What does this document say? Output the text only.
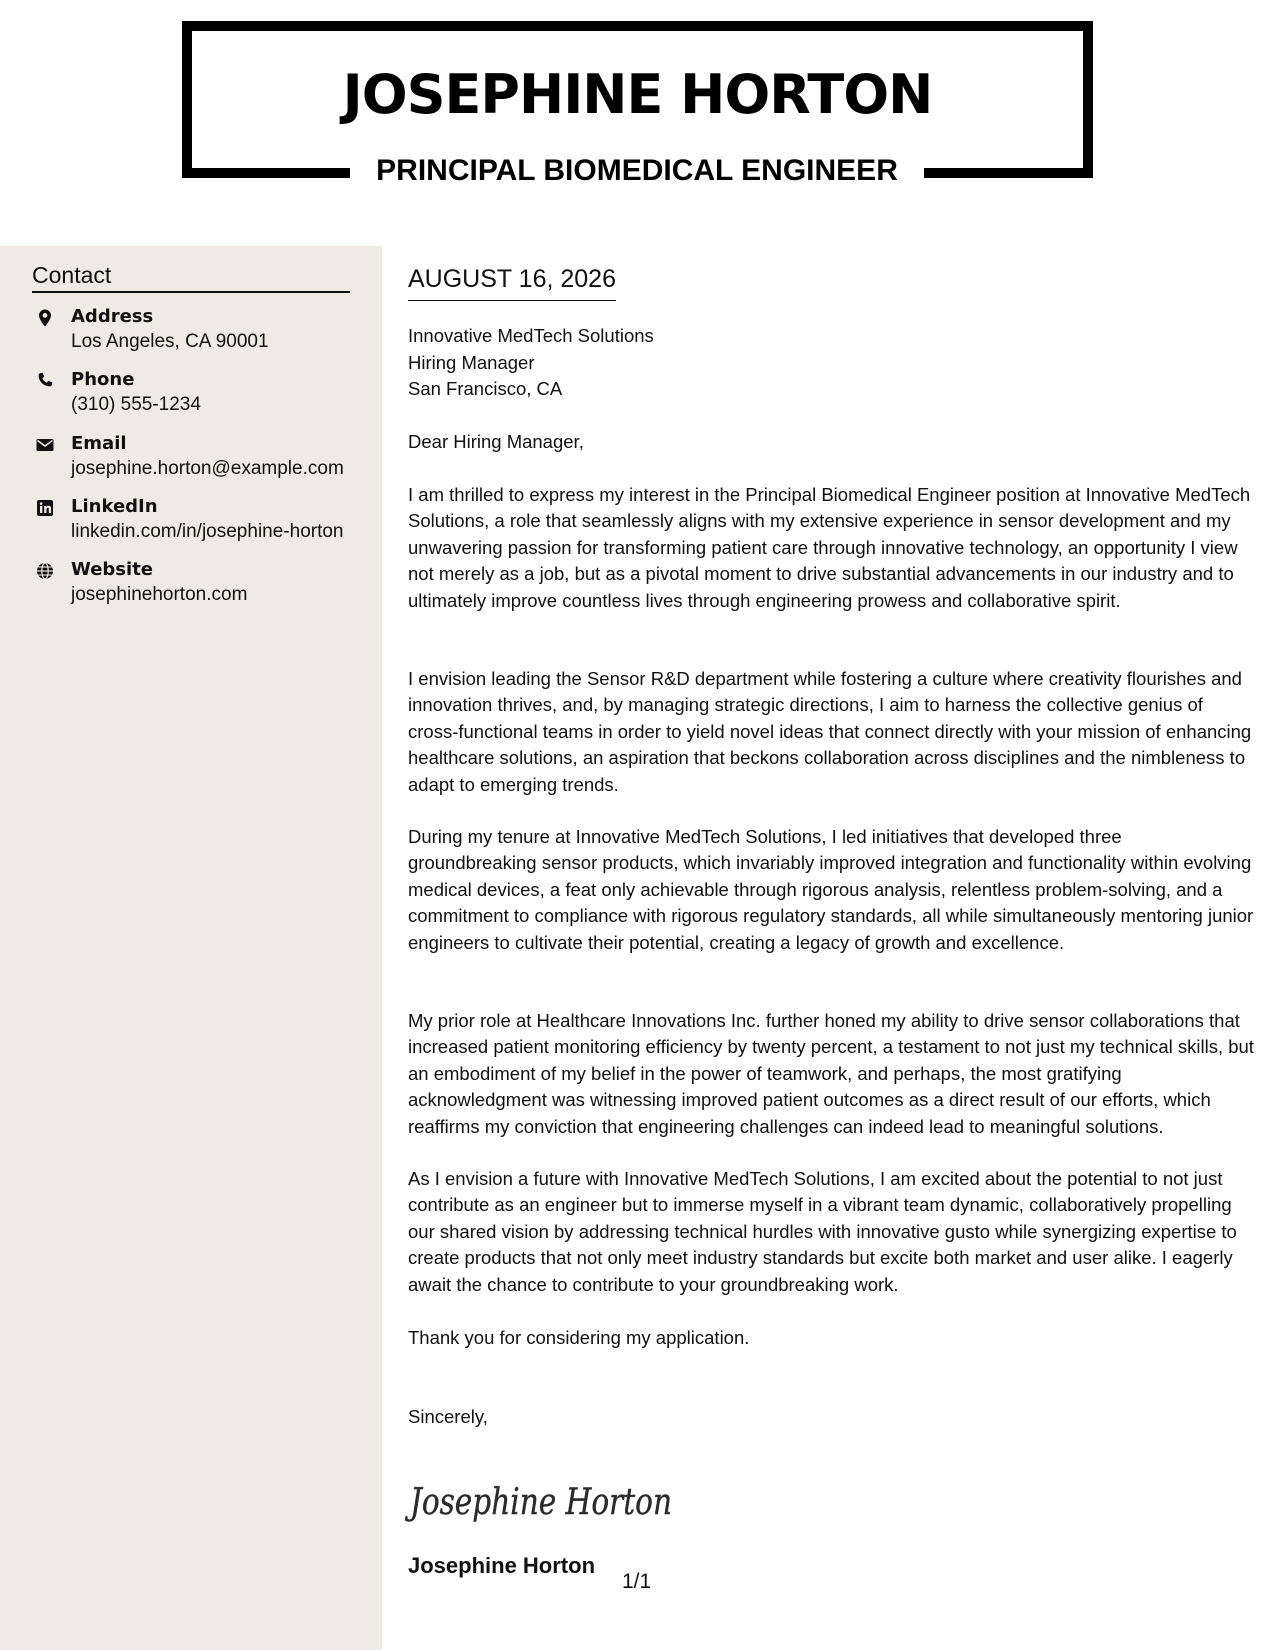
JOSEPHINE HORTON
PRINCIPAL BIOMEDICAL ENGINEER
Contact
Address
Los Angeles, CA 90001
Phone
(310) 555-1234
Email
josephine.horton@example.com
LinkedIn
linkedin.com/in/josephine-horton
Website
josephinehorton.com
AUGUST 16, 2026
Innovative MedTech Solutions
Hiring Manager
San Francisco, CA
Dear Hiring Manager,
I am thrilled to express my interest in the Principal Biomedical Engineer position at Innovative MedTech Solutions, a role that seamlessly aligns with my extensive experience in sensor development and my unwavering passion for transforming patient care through innovative technology, an opportunity I view not merely as a job, but as a pivotal moment to drive substantial advancements in our industry and to ultimately improve countless lives through engineering prowess and collaborative spirit.
I envision leading the Sensor R&D department while fostering a culture where creativity flourishes and innovation thrives, and, by managing strategic directions, I aim to harness the collective genius of cross-functional teams in order to yield novel ideas that connect directly with your mission of enhancing healthcare solutions, an aspiration that beckons collaboration across disciplines and the nimbleness to adapt to emerging trends.
During my tenure at Innovative MedTech Solutions, I led initiatives that developed three groundbreaking sensor products, which invariably improved integration and functionality within evolving medical devices, a feat only achievable through rigorous analysis, relentless problem-solving, and a commitment to compliance with rigorous regulatory standards, all while simultaneously mentoring junior engineers to cultivate their potential, creating a legacy of growth and excellence.
My prior role at Healthcare Innovations Inc. further honed my ability to drive sensor collaborations that increased patient monitoring efficiency by twenty percent, a testament to not just my technical skills, but an embodiment of my belief in the power of teamwork, and perhaps, the most gratifying acknowledgment was witnessing improved patient outcomes as a direct result of our efforts, which reaffirms my conviction that engineering challenges can indeed lead to meaningful solutions.
As I envision a future with Innovative MedTech Solutions, I am excited about the potential to not just contribute as an engineer but to immerse myself in a vibrant team dynamic, collaboratively propelling our shared vision by addressing technical hurdles with innovative gusto while synergizing expertise to create products that not only meet industry standards but excite both market and user alike. I eagerly await the chance to contribute to your groundbreaking work.
Thank you for considering my application.
Sincerely,
Josephine Horton
Josephine Horton
1/1
